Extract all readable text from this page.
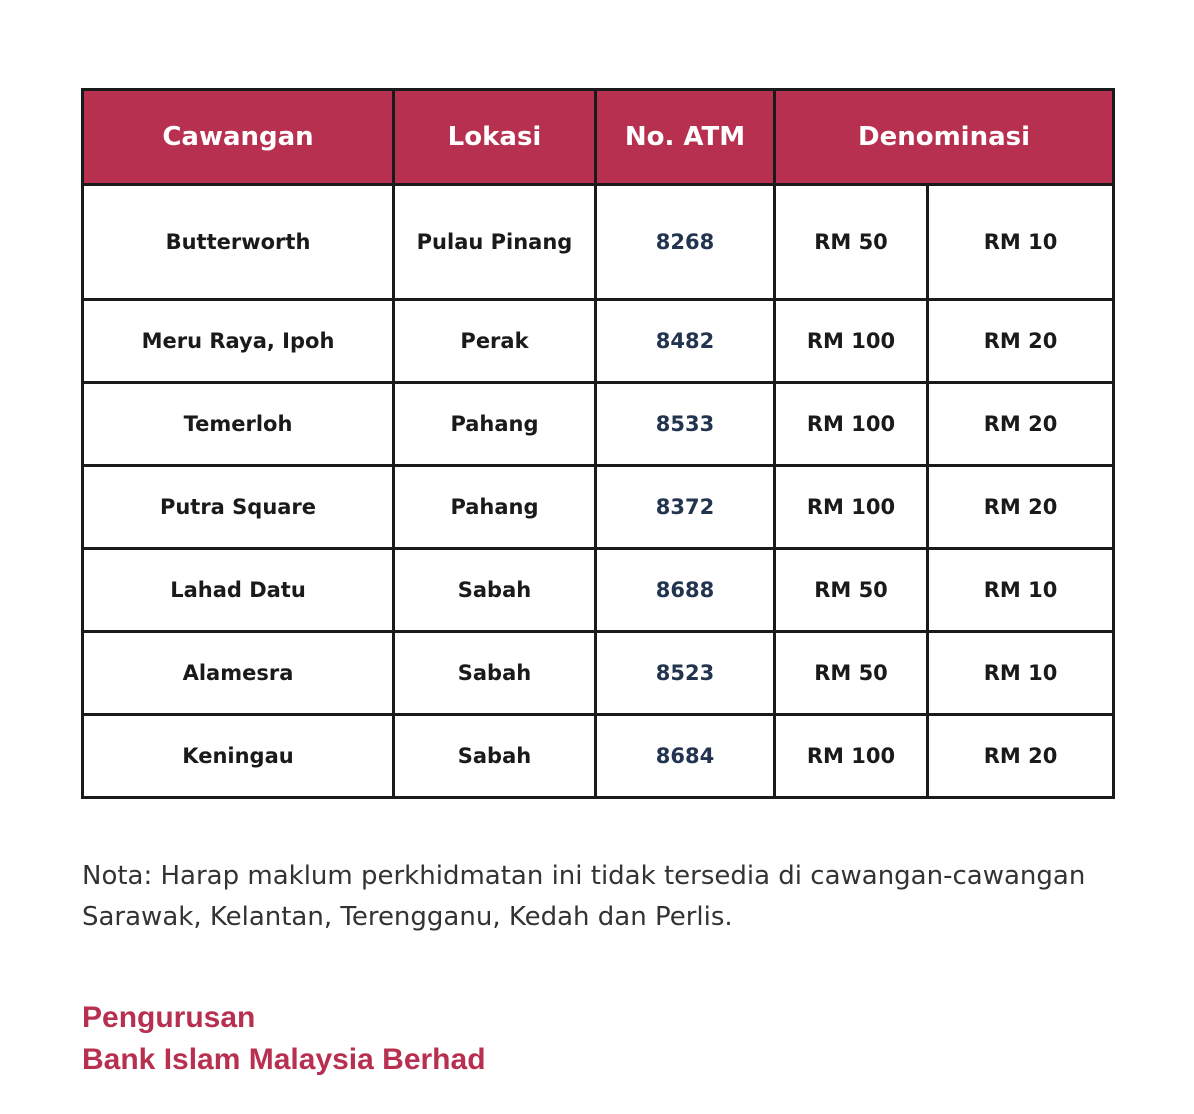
Cawangan	Lokasi	No. ATM	Denominasi	
Butterworth	Pulau Pinang	8268	RM 50	RM 10
Meru Raya, Ipoh	Perak	8482	RM 100	RM 20
Temerloh	Pahang	8533	RM 100	RM 20
Putra Square	Pahang	8372	RM 100	RM 20
Lahad Datu	Sabah	8688	RM 50	RM 10
Alamesra	Sabah	8523	RM 50	RM 10
Keningau	Sabah	8684	RM 100	RM 20

Nota: Harap maklum perkhidmatan ini tidak tersedia di cawangan-cawangan Sarawak, Kelantan, Terengganu, Kedah dan Perlis.

Pengurusan
Bank Islam Malaysia Berhad
